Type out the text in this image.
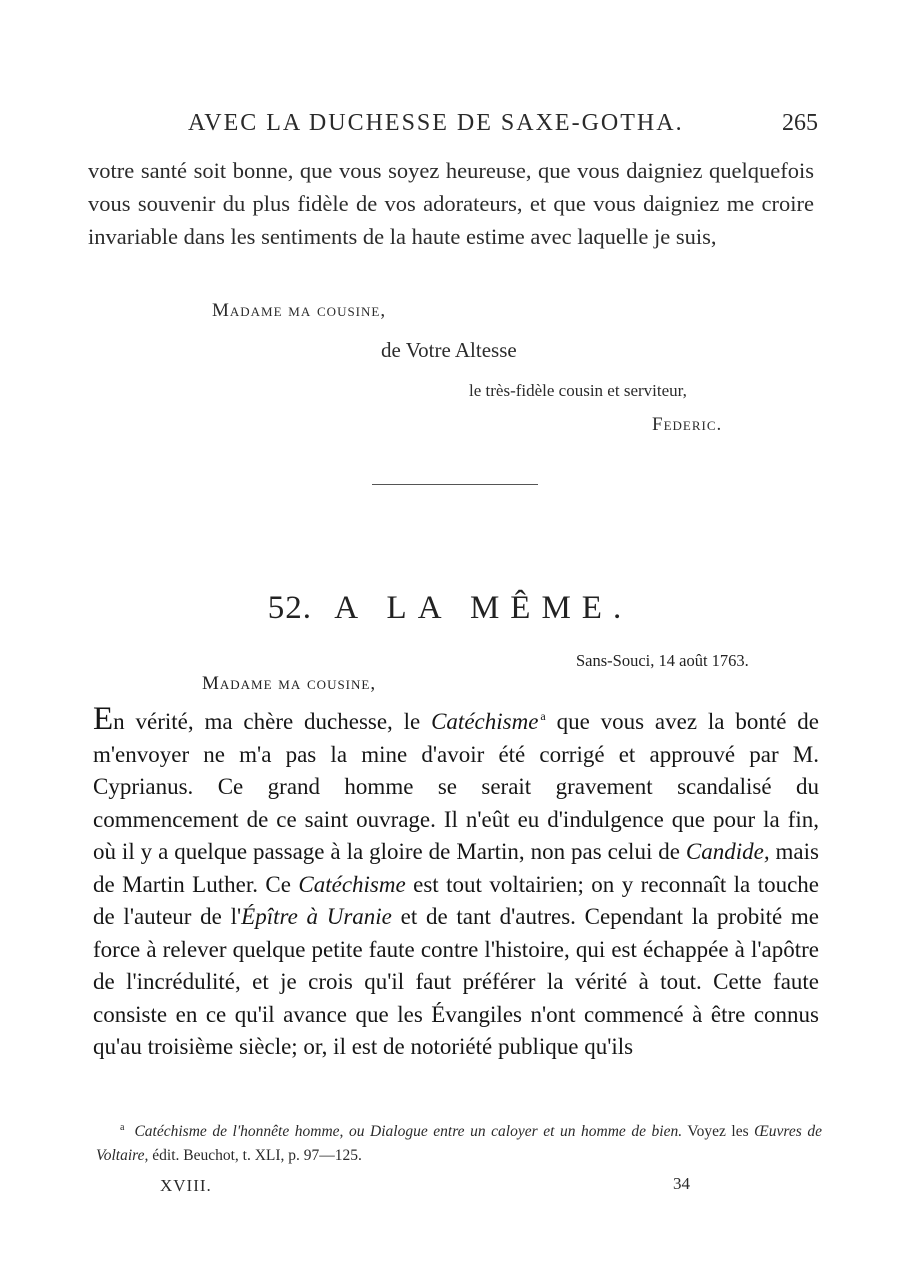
AVEC LA DUCHESSE DE SAXE-GOTHA.	265
votre santé soit bonne, que vous soyez heureuse, que vous daigniez quelquefois vous souvenir du plus fidèle de vos adorateurs, et que vous daigniez me croire invariable dans les sentiments de la haute estime avec laquelle je suis,
Madame ma cousine,
de Votre Altesse
le très-fidèle cousin et serviteur,
Federic.
52. A LA MÊME.
Sans-Souci, 14 août 1763.
Madame ma cousine,
En vérité, ma chère duchesse, le Catéchisme $^a$ que vous avez la bonté de m'envoyer ne m'a pas la mine d'avoir été corrigé et approuvé par M. Cyprianus. Ce grand homme se serait gravement scandalisé du commencement de ce saint ouvrage. Il n'eût eu d'indulgence que pour la fin, où il y a quelque passage à la gloire de Martin, non pas celui de Candide, mais de Martin Luther. Ce Catéchisme est tout voltairien; on y reconnaît la touche de l'auteur de l'Épître à Uranie et de tant d'autres. Cependant la probité me force à relever quelque petite faute contre l'histoire, qui est échappée à l'apôtre de l'incrédulité, et je crois qu'il faut préférer la vérité à tout. Cette faute consiste en ce qu'il avance que les Évangiles n'ont commencé à être connus qu'au troisième siècle; or, il est de notoriété publique qu'ils
$^a$ Catéchisme de l'honnête homme, ou Dialogue entre un caloyer et un homme de bien. Voyez les Œuvres de Voltaire, édit. Beuchot, t. XLI, p. 97—125.
XVIII.	34
